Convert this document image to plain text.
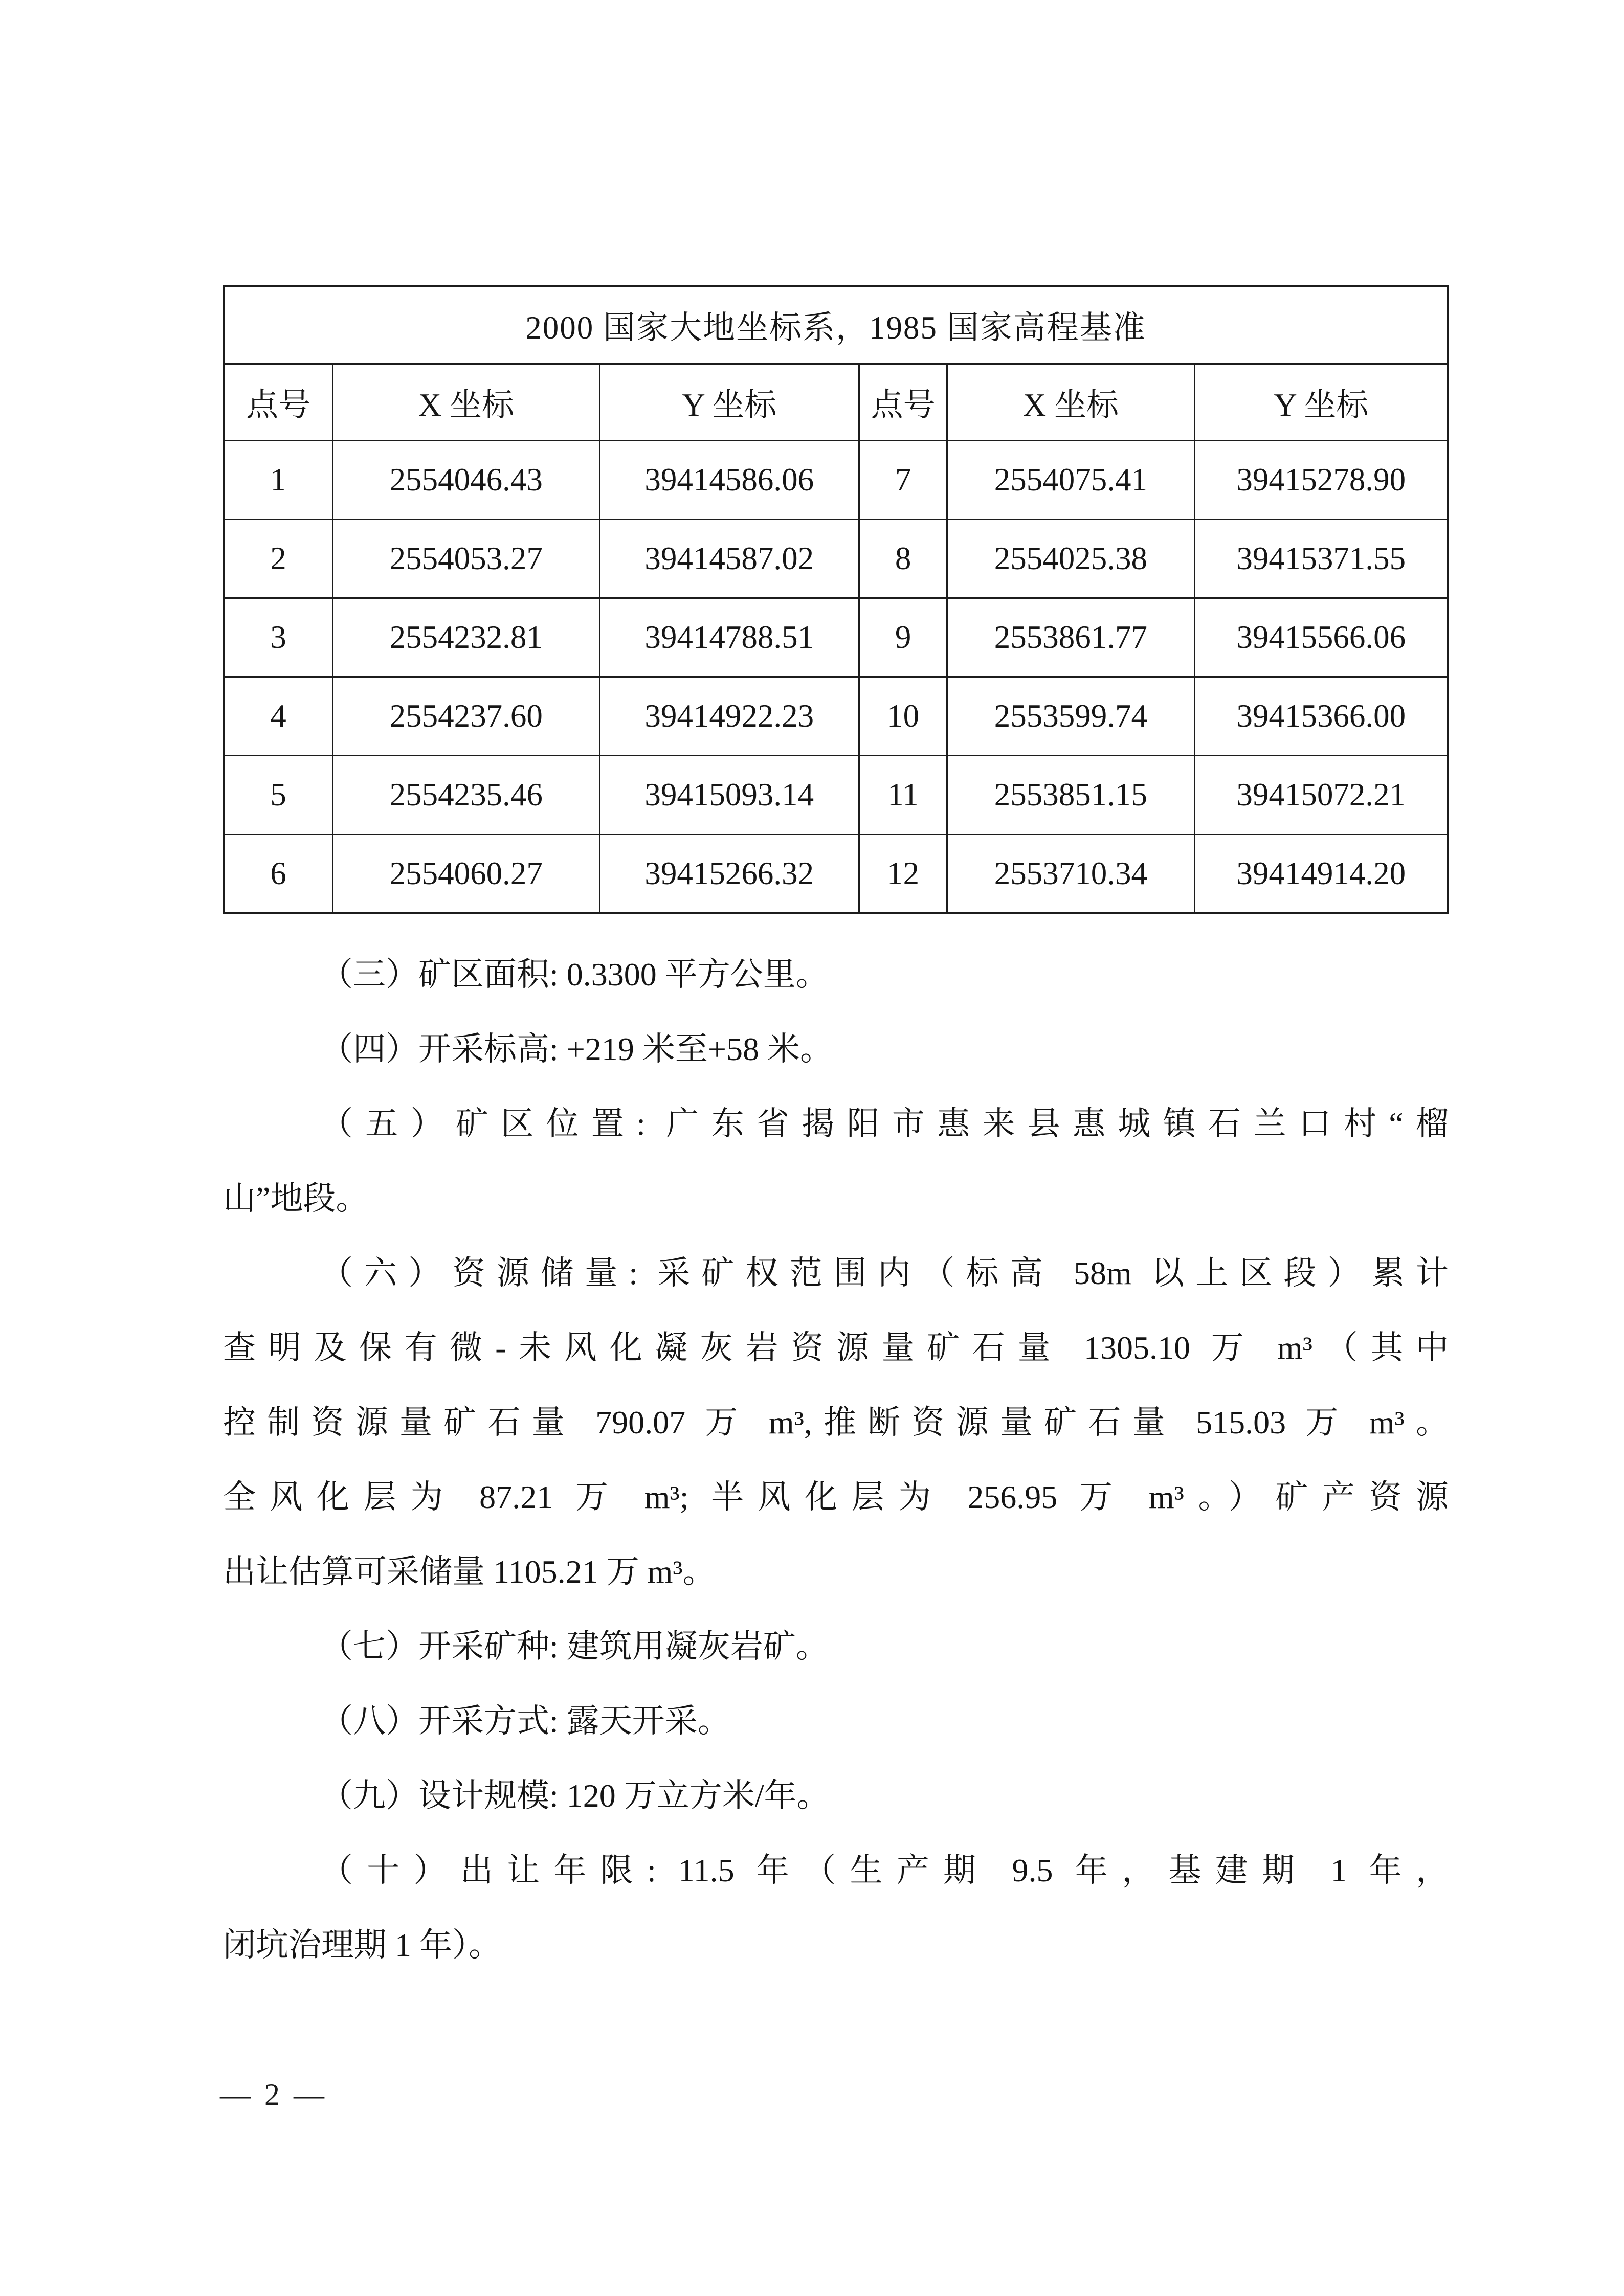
2000 国家大地坐标系，1985 国家高程基准					
点号	X 坐标	Y 坐标	点号	X 坐标	Y 坐标
1	2554046.43	39414586.06	7	2554075.41	39415278.90
2	2554053.27	39414587.02	8	2554025.38	39415371.55
3	2554232.81	39414788.51	9	2553861.77	39415566.06
4	2554237.60	39414922.23	10	2553599.74	39415366.00
5	2554235.46	39415093.14	11	2553851.15	39415072.21
6	2554060.27	39415266.32	12	2553710.34	39414914.20
（三）矿区面积: 0.3300 平方公里。
（四）开采标高: +219 米至+58 米。
（五）矿区位置: 广东省揭阳市惠来县惠城镇石兰口村“榴
山”地段。
（六）资源储量: 采矿权范围内（标高 58m 以上区段）累计
查明及保有微-未风化凝灰岩资源量矿石量 1305.10 万 m³（其中
控制资源量矿石量 790.07 万 m³,推断资源量矿石量 515.03 万 m³。
全风化层为 87.21 万 m³; 半风化层为 256.95 万 m³。）矿产资源
出让估算可采储量 1105.21 万 m³。
（七）开采矿种: 建筑用凝灰岩矿。
（八）开采方式: 露天开采。
（九）设计规模: 120 万立方米/年。
（十）出让年限: 11.5 年（生产期 9.5 年，基建期 1 年，
闭坑治理期 1 年）。
— 2 —
